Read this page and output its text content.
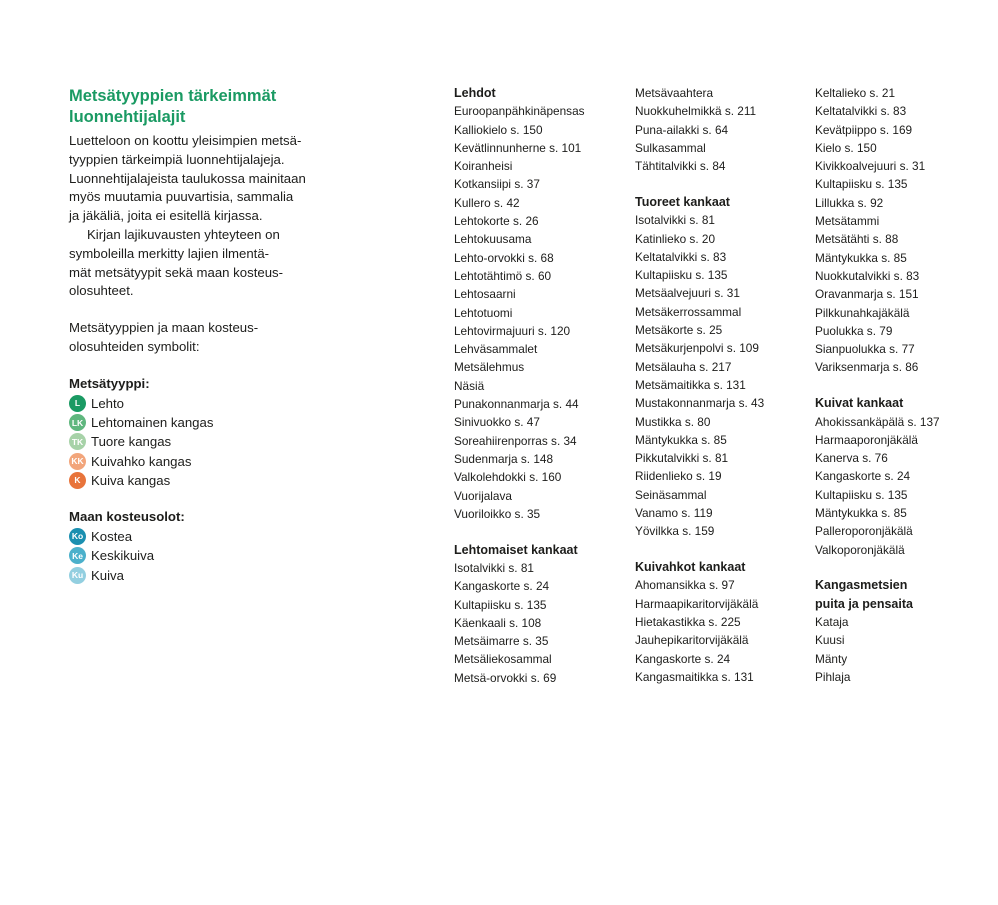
Metsätyyppien tärkeimmät
luonnehtijalajit

Luetteloon on koottu yleisimpien metsä-
tyyppien tärkeimpiä luonnehtijalajeja.
Luonnehtijalajeista taulukossa mainitaan
myös muutamia puuvartisia, sammalia
ja jäkäliä, joita ei esitellä kirjassa.

Kirjan lajikuvausten yhteyteen on
symboleilla merkitty lajien ilmentä-
mät metsätyypit sekä maan kosteus-
olosuhteet.

Metsätyyppien ja maan kosteus-
olosuhteiden symbolit:

Metsätyyppi:

L Lehto
LK Lehtomainen kangas
TK Tuore kangas
KK Kuivahko kangas
K Kuiva kangas

Maan kosteusolot:

Ko Kostea
Ke Keskikuiva
Ku Kuiva
Lehdot
Euroopanpähkinäpensas
Kalliokielo s. 150
Kevätlinnunherne s. 101
Koiranheisi
Kotkansiipi s. 37
Kullero s. 42
Lehtokorte s. 26
Lehtokuusama
Lehto-orvokki s. 68
Lehtotähtimö s. 60
Lehtosaarni
Lehtotuomi
Lehtovirmajuuri s. 120
Lehväsammalet
Metsälehmus
Näsiä
Punakonnanmarja s. 44
Sinivuokko s. 47
Soreahiirenporras s. 34
Sudenmarja s. 148
Valkolehdokki s. 160
Vuorijalava
Vuoriloikko s. 35
Lehtomaiset kankaat
Isotalvikki s. 81
Kangaskorte s. 24
Kultapiisku s. 135
Käenkaali s. 108
Metsäimarre s. 35
Metsäliekosammal
Metsä-orvokki s. 69
Metsävaahtera
Nuokkuhelmikkä s. 211
Puna-ailakki s. 64
Sulkasammal
Tähtitalvikki s. 84
Tuoreet kankaat
Isotalvikki s. 81
Katinlieko s. 20
Keltatalvikki s. 83
Kultapiisku s. 135
Metsäalvejuuri s. 31
Metsäkerrossammal
Metsäkorte s. 25
Metsäkurjenpolvi s. 109
Metsälauha s. 217
Metsämaitikka s. 131
Mustakonnanmarja s. 43
Mustikka s. 80
Mäntykukka s. 85
Pikkutalvikki s. 81
Riidenlieko s. 19
Seinäsammal
Vanamo s. 119
Yövilkka s. 159
Kuivahkot kankaat
Ahomansikka s. 97
Harmaapikaritorvijäkälä
Hietakastikka s. 225
Jauhepikaritorvijäkälä
Kangaskorte s. 24
Kangasmaitikka s. 131
Keltalieko s. 21
Keltatalvikki s. 83
Kevätpiippo s. 169
Kielo s. 150
Kivikkoalvejuuri s. 31
Kultapiisku s. 135
Lillukka s. 92
Metsätammi
Metsätähti s. 88
Mäntykukka s. 85
Nuokkutalvikki s. 83
Oravanmarja s. 151
Pilkkunahkajäkälä
Puolukka s. 79
Sianpuolukka s. 77
Variksenmarja s. 86
Kuivat kankaat
Ahokissankäpälä s. 137
Harmaaporonjäkälä
Kanerva s. 76
Kangaskorte s. 24
Kultapiisku s. 135
Mäntykukka s. 85
Palleroporonjäkälä
Valkoporonjäkälä
Kangasmetsien
puita ja pensaita
Kataja
Kuusi
Mänty
Pihlaja
